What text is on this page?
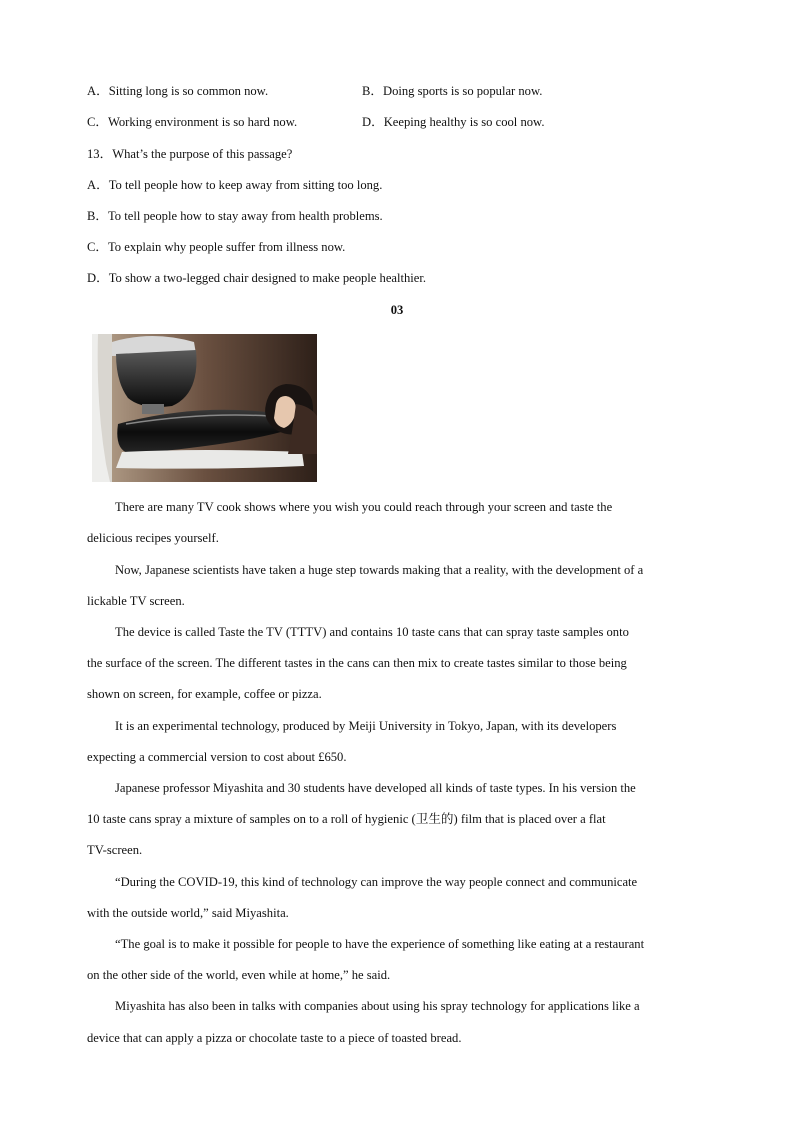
A．Sitting long is so common now.	B．Doing sports is so popular now.
C．Working environment is so hard now.	D．Keeping healthy is so cool now.
13．What’s the purpose of this passage?
A．To tell people how to keep away from sitting too long.
B．To tell people how to stay away from health problems.
C．To explain why people suffer from illness now.
D．To show a two-legged chair designed to make people healthier.
03
There are many TV cook shows where you wish you could reach through your screen and taste the
delicious recipes yourself.
Now, Japanese scientists have taken a huge step towards making that a reality, with the development of a
lickable TV screen.
The device is called Taste the TV (TTTV) and contains 10 taste cans that can spray taste samples onto
the surface of the screen. The different tastes in the cans can then mix to create tastes similar to those being
shown on screen, for example, coffee or pizza.
It is an experimental technology, produced by Meiji University in Tokyo, Japan, with its developers
expecting a commercial version to cost about £650.
Japanese professor Miyashita and 30 students have developed all kinds of taste types. In his version the
10 taste cans spray a mixture of samples on to a roll of hygienic (卫生的) film that is placed over a flat
TV-screen.
“During the COVID-19, this kind of technology can improve the way people connect and communicate
with the outside world,” said Miyashita.
“The goal is to make it possible for people to have the experience of something like eating at a restaurant
on the other side of the world, even while at home,” he said.
Miyashita has also been in talks with companies about using his spray technology for applications like a
device that can apply a pizza or chocolate taste to a piece of toasted bread.
